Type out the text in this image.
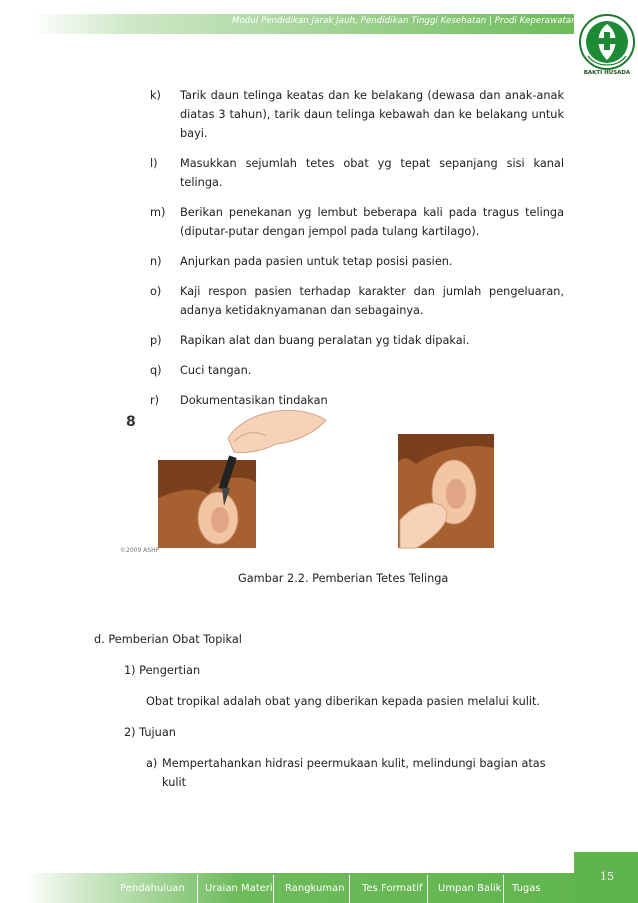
Modul Pendidikan Jarak Jauh, Pendidikan Tinggi Kesehatan | Prodi Keperawatan
BAKTI HUSADA
k)	Tarik daun telinga keatas dan ke belakang (dewasa dan anak-anak diatas 3 tahun), tarik daun telinga kebawah dan ke belakang untuk bayi.
l)	Masukkan sejumlah tetes obat yg tepat sepanjang sisi kanal telinga.
m)	Berikan penekanan yg lembut beberapa kali pada tragus telinga (diputar-putar dengan jempol pada tulang kartilago).
n)	Anjurkan pada pasien untuk tetap posisi pasien.
o)	Kaji respon pasien terhadap karakter dan jumlah pengeluaran, adanya ketidaknyamanan dan sebagainya.
p)	Rapikan alat dan buang peralatan yg tidak dipakai.
q)	Cuci tangan.
r)	Dokumentasikan tindakan
8
©2009 ASHP
Gambar 2.2. Pemberian Tetes Telinga
d. Pemberian Obat Topikal
1) Pengertian
Obat tropikal adalah obat yang diberikan kepada pasien melalui kulit.
2) Tujuan
a) Mempertahankan hidrasi peermukaan kulit, melindungi bagian atas
kulit
15
Pendahuluan Uraian Materi Rangkuman Tes Formatif Umpan Balik Tugas
